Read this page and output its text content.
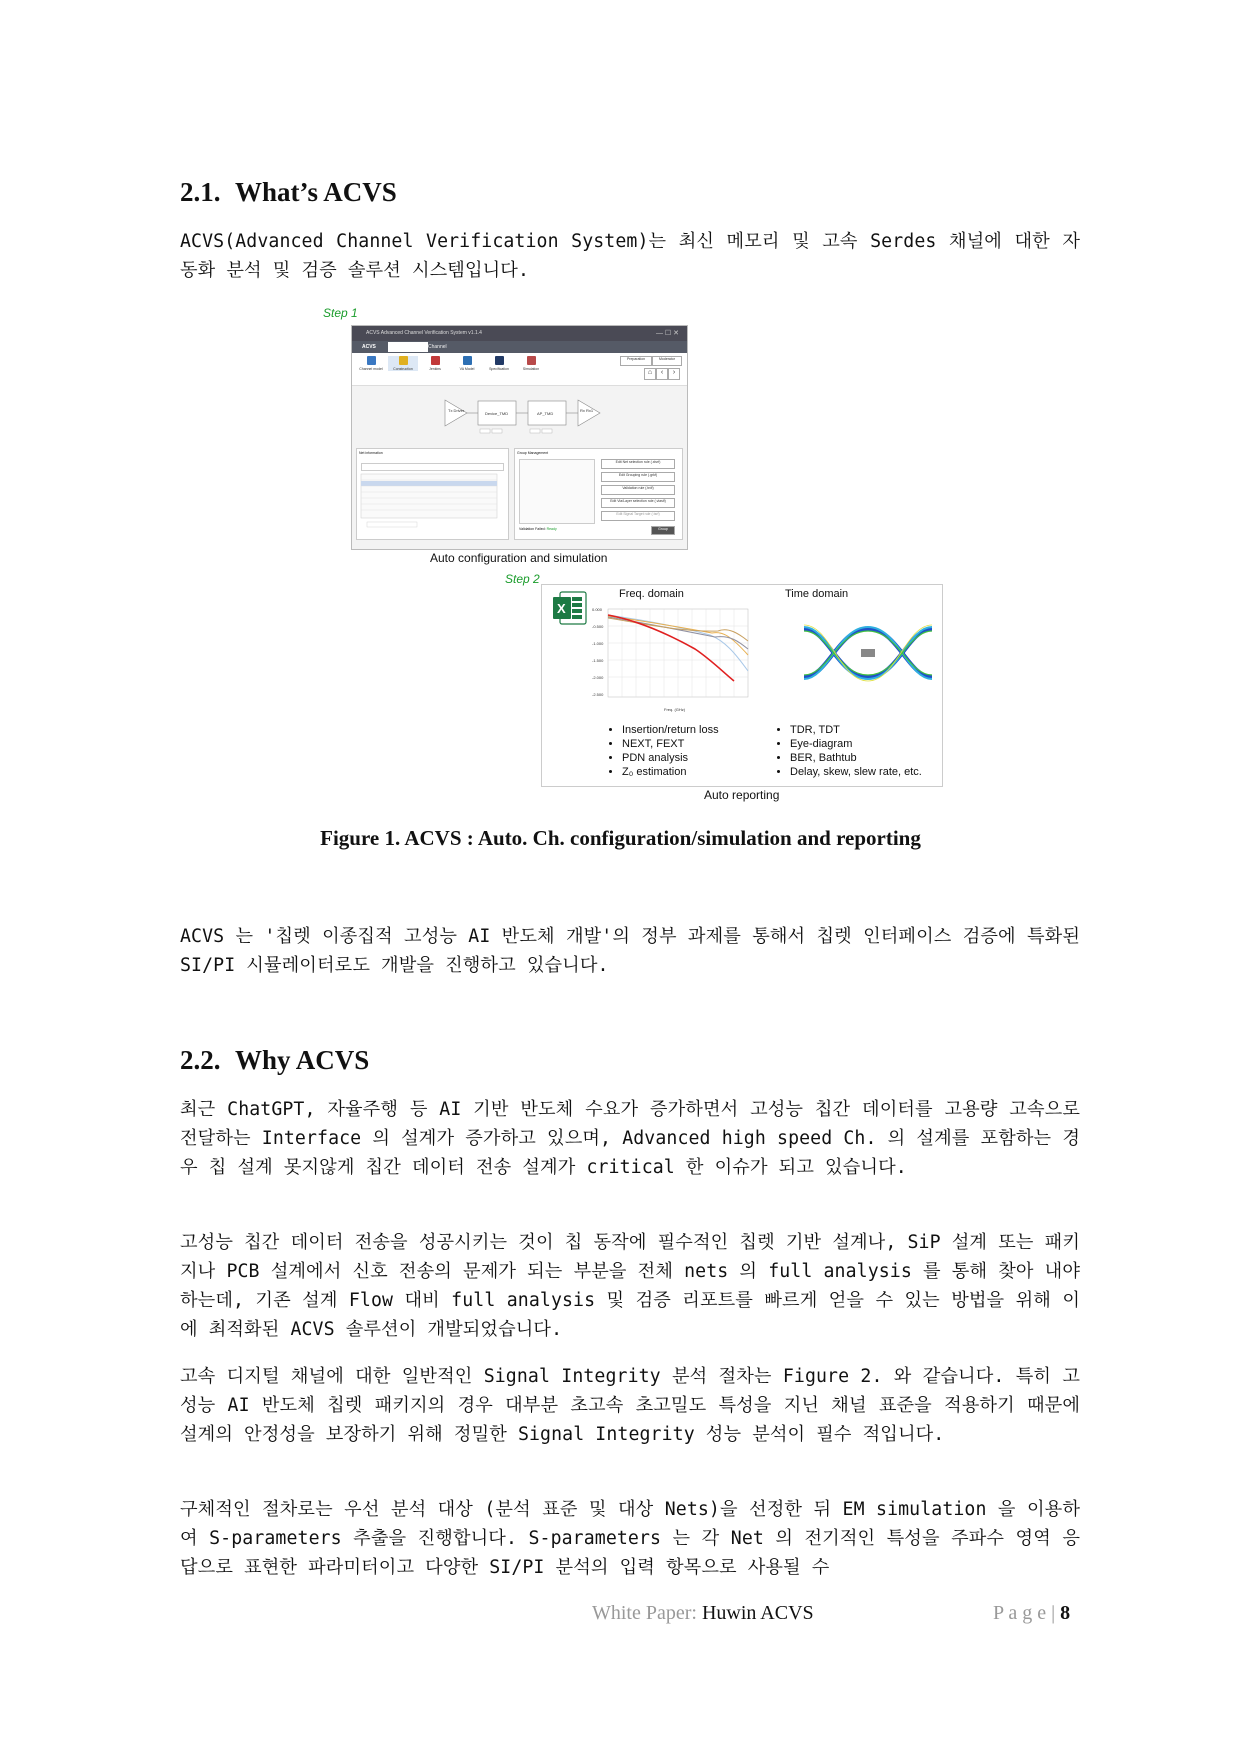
2.1. What’s ACVS

ACVS(Advanced Channel Verification System)는 최신 메모리 및 고속 Serdes 채널에 대한 자동화 분석 및 검증 솔루션 시스템입니다.

Step 1
ACVS Advanced Channel Verification System v1.1.4	— ☐ ✕
ACVS	Channel
Channel model	Construction	Jenkins	VA Model	Specification	Simulation
Preparation	Moderator
⌂	‹	›
Tx Driver
Device_TMD	AP_TMD
Rx Rx1
Net information	Group Management
Edit Net selection rule (.xlsrf)
Edit Grouping rule (.grkf)
Validation rule (.trdf)
Edit Via/Layer selection rule (.viaslf)
Edit Signal Target rule (.tsrf)
Validation Failed: Ready	Group
Auto configuration and simulation
Step 2
X
Freq. domain	Time domain
0.000
-0.500
-1.000
-1.500
-2.000
-2.500
Freq. (GHz)
• Insertion/return loss
• NEXT, FEXT
• PDN analysis
• Z₀ estimation
• TDR, TDT
• Eye-diagram
• BER, Bathtub
• Delay, skew, slew rate, etc.
Auto reporting
Figure 1. ACVS : Auto. Ch. configuration/simulation and reporting

ACVS 는 '칩렛 이종집적 고성능 AI 반도체 개발'의 정부 과제를 통해서 칩렛 인터페이스 검증에 특화된 SI/PI 시뮬레이터로도 개발을 진행하고 있습니다.

2.2. Why ACVS

최근 ChatGPT, 자율주행 등 AI 기반 반도체 수요가 증가하면서 고성능 칩간 데이터를 고용량 고속으로 전달하는 Interface 의 설계가 증가하고 있으며, Advanced high speed Ch. 의 설계를 포함하는 경우 칩 설계 못지않게 칩간 데이터 전송 설계가 critical 한 이슈가 되고 있습니다.

고성능 칩간 데이터 전송을 성공시키는 것이 칩 동작에 필수적인 칩렛 기반 설계나, SiP 설계 또는 패키지나 PCB 설계에서 신호 전송의 문제가 되는 부분을 전체 nets 의 full analysis 를 통해 찾아 내야 하는데, 기존 설계 Flow 대비 full analysis 및 검증 리포트를 빠르게 얻을 수 있는 방법을 위해 이에 최적화된 ACVS 솔루션이 개발되었습니다.

고속 디지털 채널에 대한 일반적인 Signal Integrity 분석 절차는 Figure 2. 와 같습니다. 특히 고성능 AI 반도체 칩렛 패키지의 경우 대부분 초고속 초고밀도 특성을 지닌 채널 표준을 적용하기 때문에 설계의 안정성을 보장하기 위해 정밀한 Signal Integrity 성능 분석이 필수 적입니다.

구체적인 절차로는 우선 분석 대상 (분석 표준 및 대상 Nets)을 선정한 뒤 EM simulation 을 이용하여 S-parameters 추출을 진행합니다. S-parameters 는 각 Net 의 전기적인 특성을 주파수 영역 응답으로 표현한 파라미터이고 다양한 SI/PI 분석의 입력 항목으로 사용될 수

White Paper: Huwin ACVS	P a g e | 8
